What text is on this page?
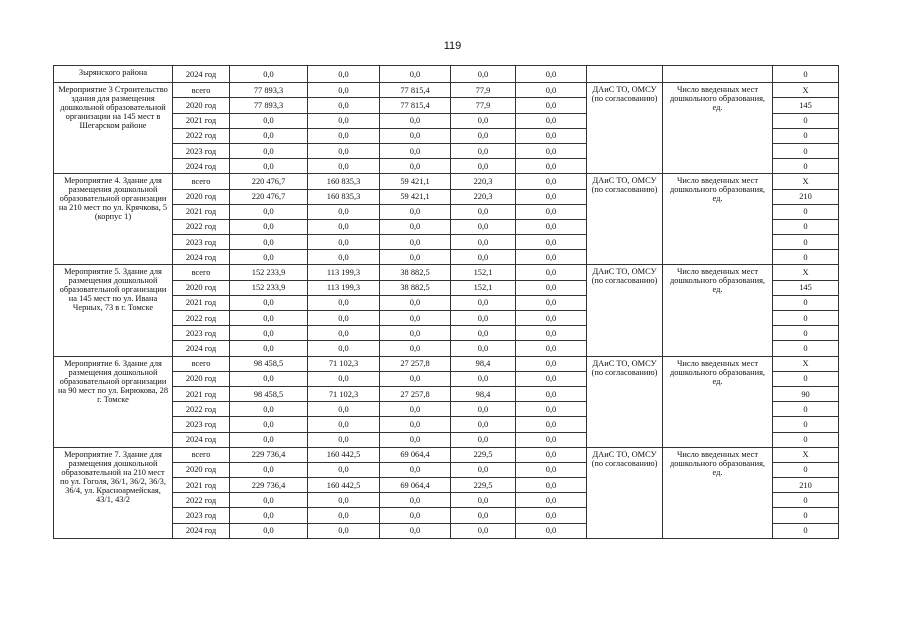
119
Зырянского района	2024 год	0,0	0,0	0,0	0,0	0,0			0
Мероприятие 3 Строительство здания для размещения дошкольной образовательной организации на 145 мест в Шегарском районе	всего	77 893,3	0,0	77 815,4	77,9	0,0	ДАиС ТО, ОМСУ (по согласованию)	Число введенных мест дошкольного образования, ед.	Х
	2020 год	77 893,3	0,0	77 815,4	77,9	0,0			145
	2021 год	0,0	0,0	0,0	0,0	0,0			0
	2022 год	0,0	0,0	0,0	0,0	0,0			0
	2023 год	0,0	0,0	0,0	0,0	0,0			0
	2024 год	0,0	0,0	0,0	0,0	0,0			0
Мероприятие 4. Здание для размещения дошкольной образовательной организации на 210 мест по ул. Крячкова, 5 (корпус 1)	всего	220 476,7	160 835,3	59 421,1	220,3	0,0	ДАиС ТО, ОМСУ (по согласованию)	Число введенных мест дошкольного образования, ед.	Х
	2020 год	220 476,7	160 835,3	59 421,1	220,3	0,0			210
	2021 год	0,0	0,0	0,0	0,0	0,0			0
	2022 год	0,0	0,0	0,0	0,0	0,0			0
	2023 год	0,0	0,0	0,0	0,0	0,0			0
	2024 год	0,0	0,0	0,0	0,0	0,0			0
Мероприятие 5. Здание для размещения дошкольной образовательной организации на 145 мест по ул. Ивана Черных, 73 в г. Томске	всего	152 233,9	113 199,3	38 882,5	152,1	0,0	ДАиС ТО, ОМСУ (по согласованию)	Число введенных мест дошкольного образования, ед.	Х
	2020 год	152 233,9	113 199,3	38 882,5	152,1	0,0			145
	2021 год	0,0	0,0	0,0	0,0	0,0			0
	2022 год	0,0	0,0	0,0	0,0	0,0			0
	2023 год	0,0	0,0	0,0	0,0	0,0			0
	2024 год	0,0	0,0	0,0	0,0	0,0			0
Мероприятие 6. Здание для размещения дошкольной образовательной организации на 90 мест по ул. Бирюкова, 28 г. Томске	всего	98 458,5	71 102,3	27 257,8	98,4	0,0	ДАиС ТО, ОМСУ (по согласованию)	Число введенных мест дошкольного образования, ед.	Х
	2020 год	0,0	0,0	0,0	0,0	0,0			0
	2021 год	98 458,5	71 102,3	27 257,8	98,4	0,0			90
	2022 год	0,0	0,0	0,0	0,0	0,0			0
	2023 год	0,0	0,0	0,0	0,0	0,0			0
	2024 год	0,0	0,0	0,0	0,0	0,0			0
Мероприятие 7. Здание для размещения дошкольной образовательной на 210 мест по ул. Гоголя, 36/1, 36/2, 36/3, 36/4, ул. Красноармейская, 43/1, 43/2	всего	229 736,4	160 442,5	69 064,4	229,5	0,0	ДАиС ТО, ОМСУ (по согласованию)	Число введенных мест дошкольного образования, ед.	Х
	2020 год	0,0	0,0	0,0	0,0	0,0			0
	2021 год	229 736,4	160 442,5	69 064,4	229,5	0,0			210
	2022 год	0,0	0,0	0,0	0,0	0,0			0
	2023 год	0,0	0,0	0,0	0,0	0,0			0
	2024 год	0,0	0,0	0,0	0,0	0,0			0
